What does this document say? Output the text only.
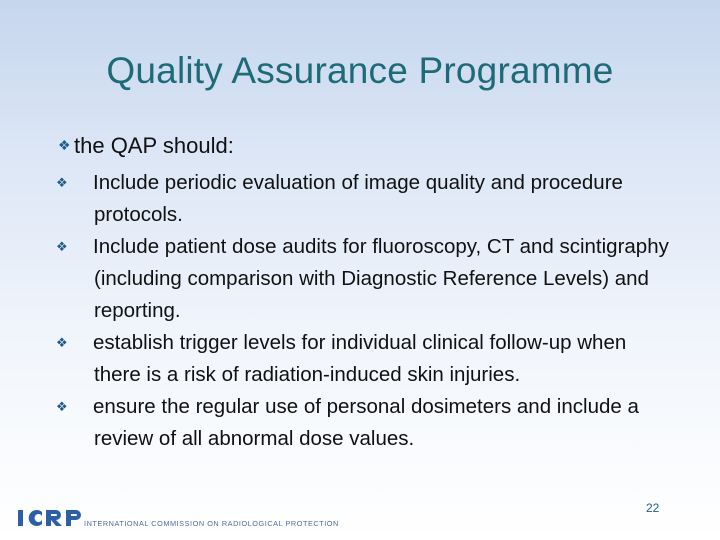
Quality Assurance Programme
❖ the QAP should:
❖ Include periodic evaluation of image quality and procedure protocols.
❖ Include patient dose audits for fluoroscopy, CT and scintigraphy (including comparison with Diagnostic Reference Levels) and reporting.
❖ establish trigger levels for individual clinical follow-up when there is a risk of radiation-induced skin injuries.
❖ ensure the regular use of personal dosimeters and include a review of all abnormal dose values.
22
INTERNATIONAL COMMISSION ON RADIOLOGICAL PROTECTION
